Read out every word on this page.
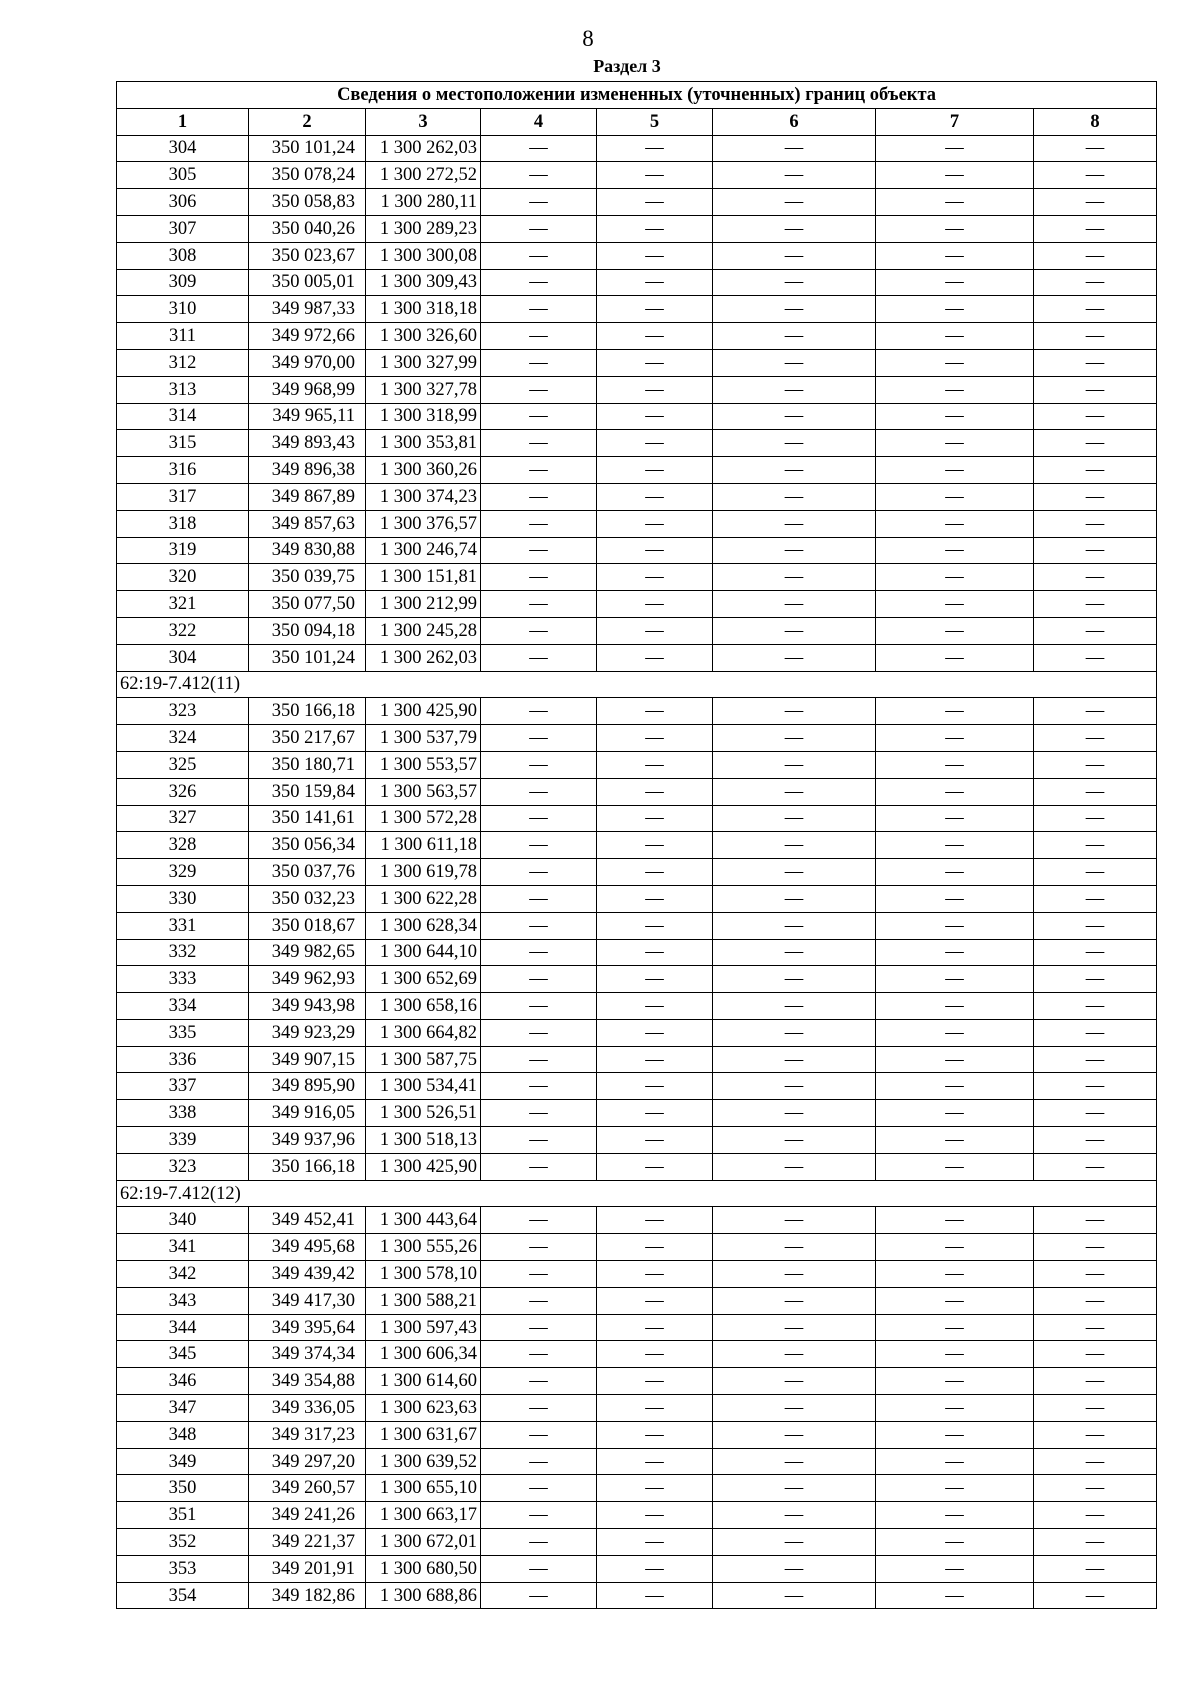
8
Раздел 3
Сведения о местоположении измененных (уточненных) границ объекта							
1	2	3	4	5	6	7	8
304	350 101,24	1 300 262,03	—	—	—	—	—
305	350 078,24	1 300 272,52	—	—	—	—	—
306	350 058,83	1 300 280,11	—	—	—	—	—
307	350 040,26	1 300 289,23	—	—	—	—	—
308	350 023,67	1 300 300,08	—	—	—	—	—
309	350 005,01	1 300 309,43	—	—	—	—	—
310	349 987,33	1 300 318,18	—	—	—	—	—
311	349 972,66	1 300 326,60	—	—	—	—	—
312	349 970,00	1 300 327,99	—	—	—	—	—
313	349 968,99	1 300 327,78	—	—	—	—	—
314	349 965,11	1 300 318,99	—	—	—	—	—
315	349 893,43	1 300 353,81	—	—	—	—	—
316	349 896,38	1 300 360,26	—	—	—	—	—
317	349 867,89	1 300 374,23	—	—	—	—	—
318	349 857,63	1 300 376,57	—	—	—	—	—
319	349 830,88	1 300 246,74	—	—	—	—	—
320	350 039,75	1 300 151,81	—	—	—	—	—
321	350 077,50	1 300 212,99	—	—	—	—	—
322	350 094,18	1 300 245,28	—	—	—	—	—
304	350 101,24	1 300 262,03	—	—	—	—	—
62:19-7.412(11)							
323	350 166,18	1 300 425,90	—	—	—	—	—
324	350 217,67	1 300 537,79	—	—	—	—	—
325	350 180,71	1 300 553,57	—	—	—	—	—
326	350 159,84	1 300 563,57	—	—	—	—	—
327	350 141,61	1 300 572,28	—	—	—	—	—
328	350 056,34	1 300 611,18	—	—	—	—	—
329	350 037,76	1 300 619,78	—	—	—	—	—
330	350 032,23	1 300 622,28	—	—	—	—	—
331	350 018,67	1 300 628,34	—	—	—	—	—
332	349 982,65	1 300 644,10	—	—	—	—	—
333	349 962,93	1 300 652,69	—	—	—	—	—
334	349 943,98	1 300 658,16	—	—	—	—	—
335	349 923,29	1 300 664,82	—	—	—	—	—
336	349 907,15	1 300 587,75	—	—	—	—	—
337	349 895,90	1 300 534,41	—	—	—	—	—
338	349 916,05	1 300 526,51	—	—	—	—	—
339	349 937,96	1 300 518,13	—	—	—	—	—
323	350 166,18	1 300 425,90	—	—	—	—	—
62:19-7.412(12)							
340	349 452,41	1 300 443,64	—	—	—	—	—
341	349 495,68	1 300 555,26	—	—	—	—	—
342	349 439,42	1 300 578,10	—	—	—	—	—
343	349 417,30	1 300 588,21	—	—	—	—	—
344	349 395,64	1 300 597,43	—	—	—	—	—
345	349 374,34	1 300 606,34	—	—	—	—	—
346	349 354,88	1 300 614,60	—	—	—	—	—
347	349 336,05	1 300 623,63	—	—	—	—	—
348	349 317,23	1 300 631,67	—	—	—	—	—
349	349 297,20	1 300 639,52	—	—	—	—	—
350	349 260,57	1 300 655,10	—	—	—	—	—
351	349 241,26	1 300 663,17	—	—	—	—	—
352	349 221,37	1 300 672,01	—	—	—	—	—
353	349 201,91	1 300 680,50	—	—	—	—	—
354	349 182,86	1 300 688,86	—	—	—	—	—
